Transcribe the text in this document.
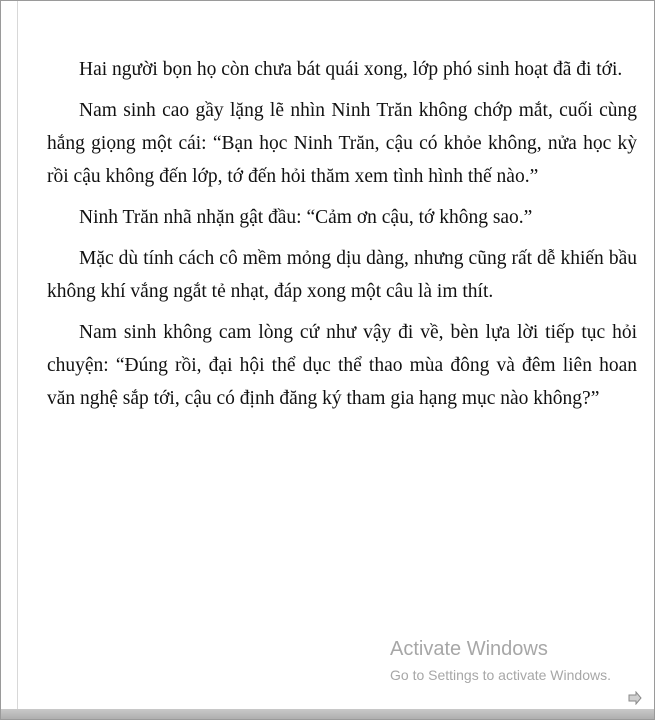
Hai người bọn họ còn chưa bát quái xong, lớp phó sinh hoạt đã đi tới.

Nam sinh cao gầy lặng lẽ nhìn Ninh Trăn không chớp mắt, cuối cùng hắng giọng một cái: “Bạn học Ninh Trăn, cậu có khỏe không, nửa học kỳ rồi cậu không đến lớp, tớ đến hỏi thăm xem tình hình thế nào.”

Ninh Trăn nhã nhặn gật đầu: “Cảm ơn cậu, tớ không sao.”

Mặc dù tính cách cô mềm mỏng dịu dàng, nhưng cũng rất dễ khiến bầu không khí vắng ngắt tẻ nhạt, đáp xong một câu là im thít.

Nam sinh không cam lòng cứ như vậy đi về, bèn lựa lời tiếp tục hỏi chuyện: “Đúng rồi, đại hội thể dục thể thao mùa đông và đêm liên hoan văn nghệ sắp tới, cậu có định đăng ký tham gia hạng mục nào không?”

Activate Windows
Go to Settings to activate Windows.
